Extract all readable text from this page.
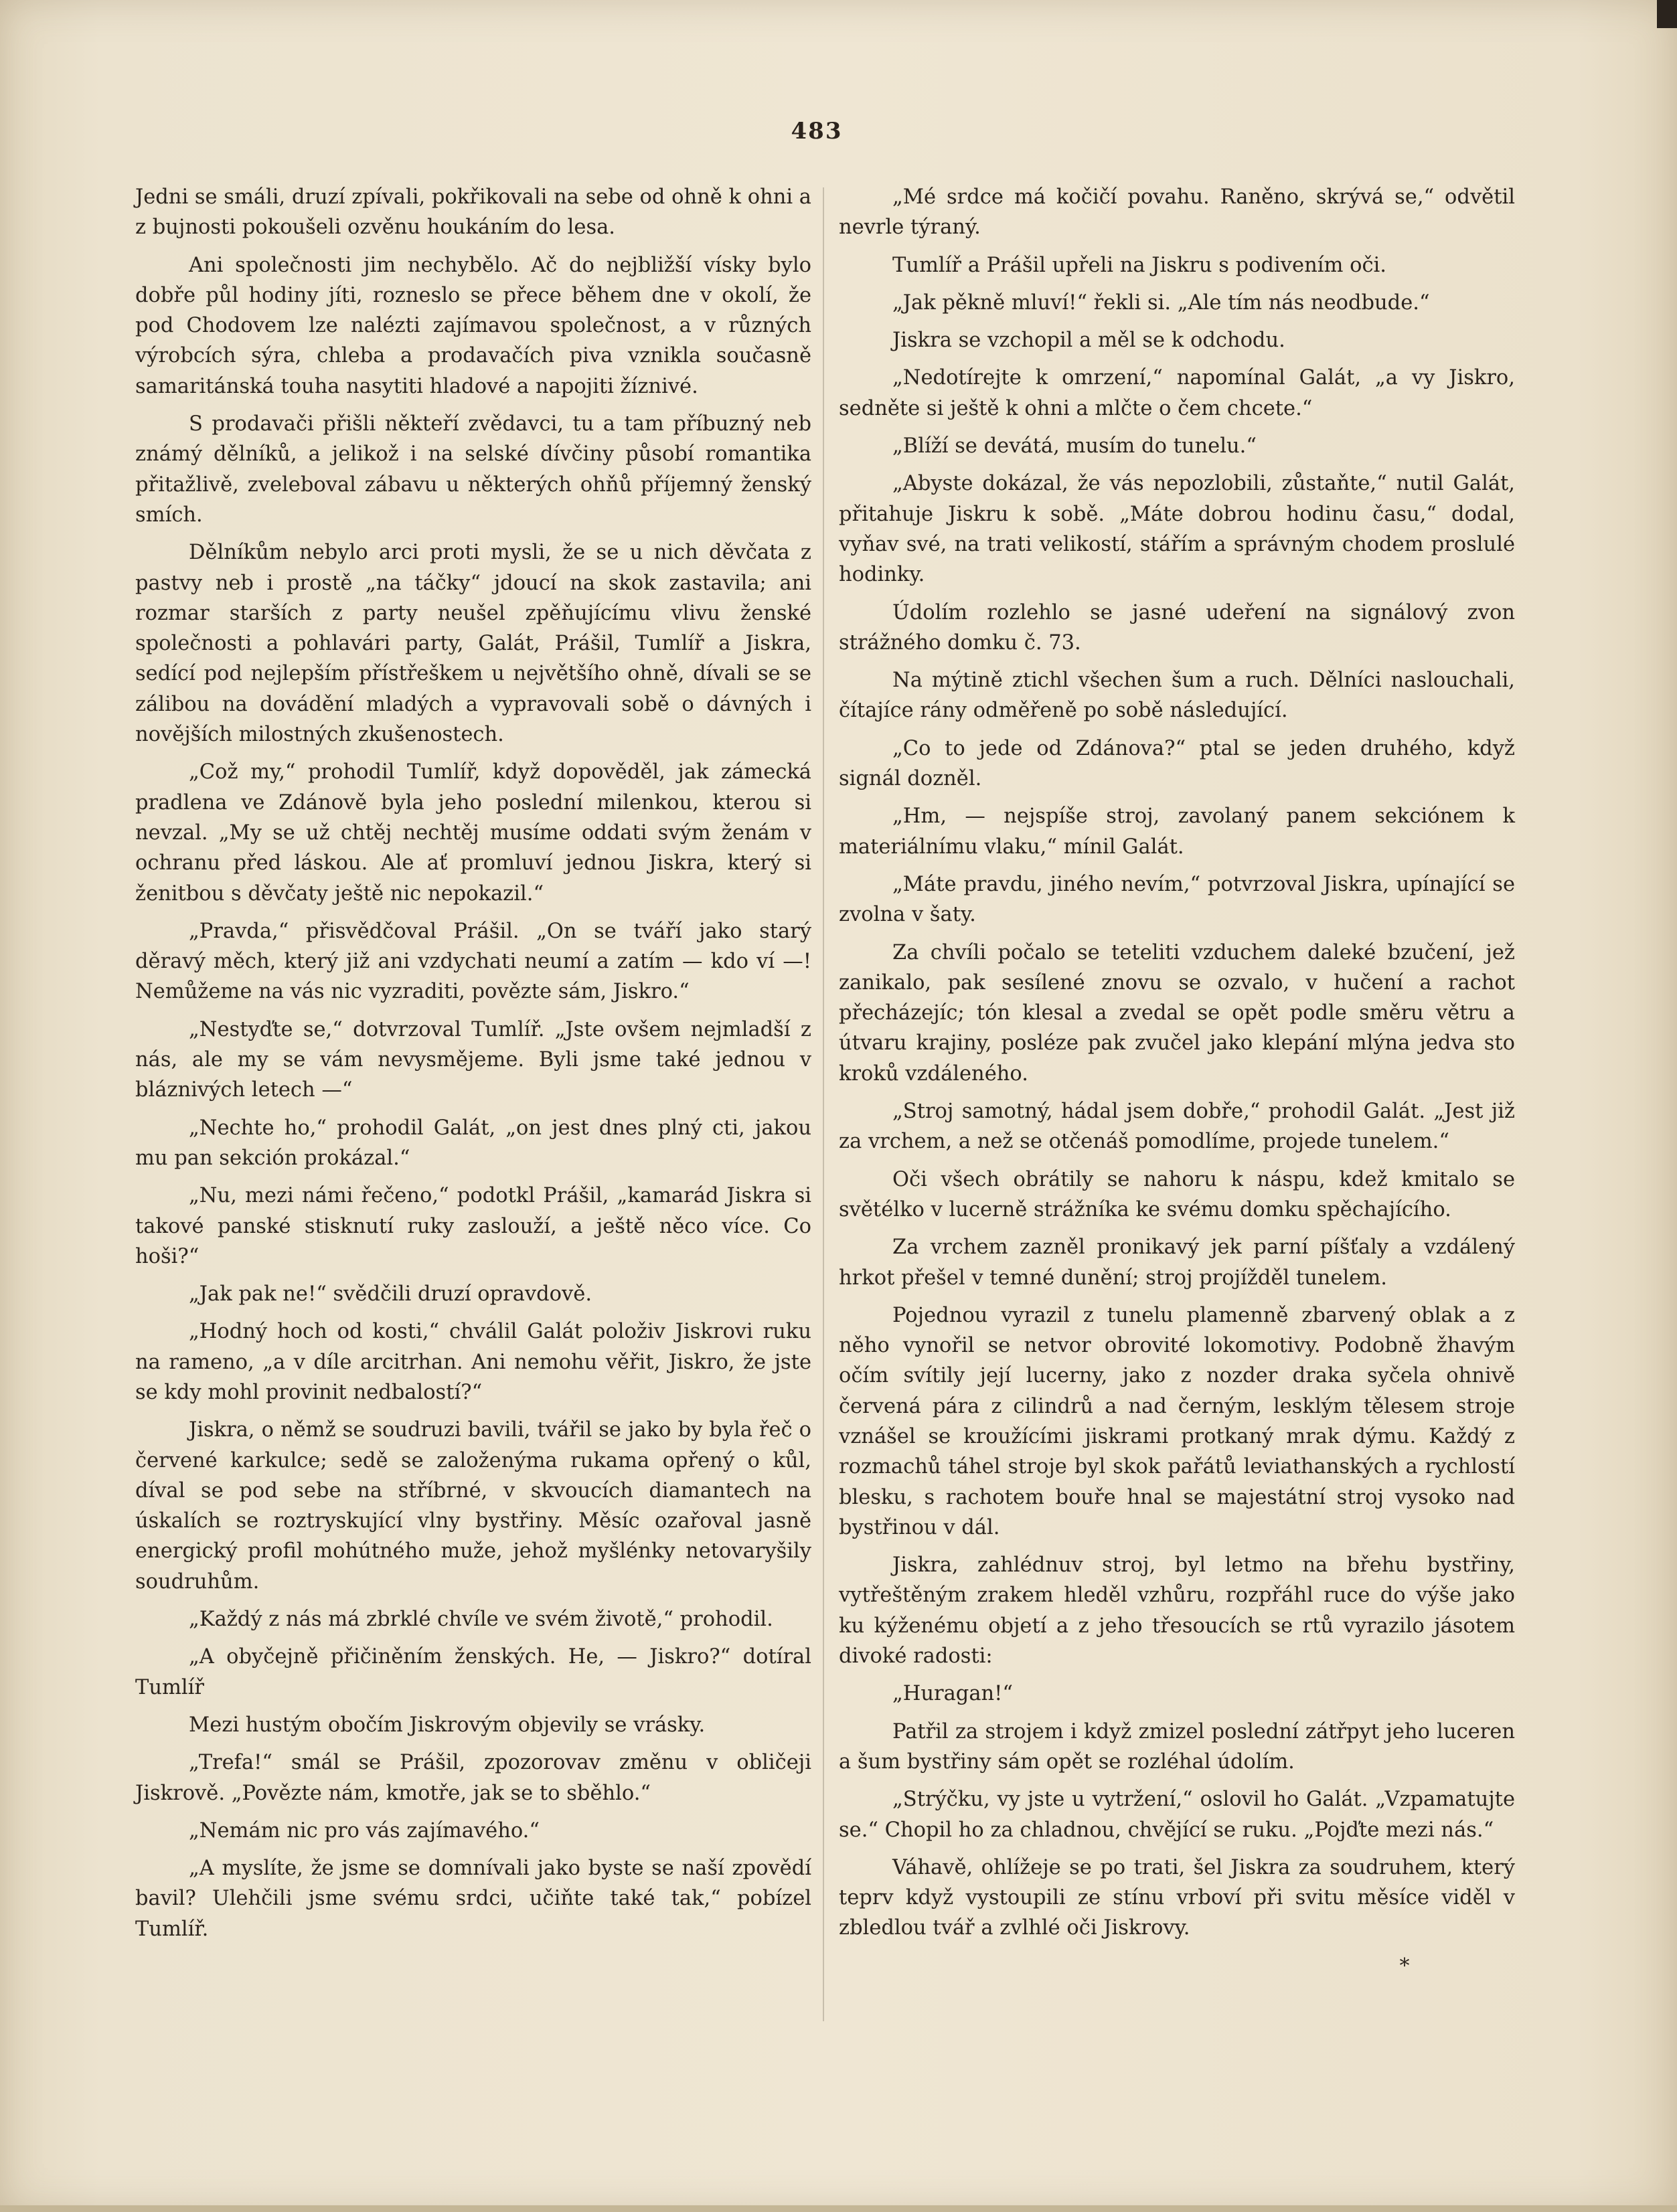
483

Jedni se smáli, druzí zpívali, pokřikovali na sebe od ohně k ohni a z bujnosti pokoušeli ozvěnu houkáním do lesa.

Ani společnosti jim nechybělo. Ač do nejbližší vísky bylo dobře půl hodiny jíti, rozneslo se přece během dne v okolí, že pod Chodovem lze nalézti zajímavou společnost, a v různých výrobcích sýra, chleba a prodavačích piva vznikla současně samaritánská touha nasytiti hladové a napojiti žíznivé.

S prodavači přišli někteří zvědavci, tu a tam příbuzný neb známý dělníků, a jelikož i na selské dívčiny působí romantika přitažlivě, zveleboval zábavu u některých ohňů příjemný ženský smích.

Dělníkům nebylo arci proti mysli, že se u nich děvčata z pastvy neb i prostě „na táčky“ jdoucí na skok zastavila; ani rozmar starších z party neušel zpěňujícímu vlivu ženské společnosti a pohlavári party, Galát, Prášil, Tumlíř a Jiskra, sedící pod nejlepším přístřeškem u největšího ohně, dívali se se zálibou na dovádění mladých a vypravovali sobě o dávných i novějších milostných zkušenostech.

„Což my,“ prohodil Tumlíř, když dopověděl, jak zámecká pradlena ve Zdánově byla jeho poslední milenkou, kterou si nevzal. „My se už chtěj nechtěj musíme oddati svým ženám v ochranu před láskou. Ale ať promluví jednou Jiskra, který si ženitbou s děvčaty ještě nic nepokazil.“

„Pravda,“ přisvědčoval Prášil. „On se tváří jako starý děravý měch, který již ani vzdychati neumí a zatím — kdo ví —! Nemůžeme na vás nic vyzraditi, povězte sám, Jiskro.“

„Nestyďte se,“ dotvrzoval Tumlíř. „Jste ovšem nejmladší z nás, ale my se vám nevysmějeme. Byli jsme také jednou v bláznivých letech —“

„Nechte ho,“ prohodil Galát, „on jest dnes plný cti, jakou mu pan sekción prokázal.“

„Nu, mezi námi řečeno,“ podotkl Prášil, „kamarád Jiskra si takové panské stisknutí ruky zaslouží, a ještě něco více. Co hoši?“

„Jak pak ne!“ svědčili druzí opravdově.

„Hodný hoch od kosti,“ chválil Galát položiv Jiskrovi ruku na rameno, „a v díle arcitrhan. Ani nemohu věřit, Jiskro, že jste se kdy mohl provinit nedbalostí?“

Jiskra, o němž se soudruzi bavili, tvářil se jako by byla řeč o červené karkulce; sedě se založenýma rukama opřený o kůl, díval se pod sebe na stříbrné, v skvoucích diamantech na úskalích se roztryskující vlny bystřiny. Měsíc ozařoval jasně energický profil mohútného muže, jehož myšlénky netovaryšily soudruhům.

„Každý z nás má zbrklé chvíle ve svém životě,“ prohodil.

„A obyčejně přičiněním ženských. He, — Jiskro?“ dotíral Tumlíř

Mezi hustým obočím Jiskrovým objevily se vrásky.

„Trefa!“ smál se Prášil, zpozorovav změnu v obličeji Jiskrově. „Povězte nám, kmotře, jak se to sběhlo.“

„Nemám nic pro vás zajímavého.“

„A myslíte, že jsme se domnívali jako byste se naší zpovědí bavil? Ulehčili jsme svému srdci, učiňte také tak,“ pobízel Tumlíř.

„Mé srdce má kočičí povahu. Raněno, skrývá se,“ odvětil nevrle týraný.

Tumlíř a Prášil upřeli na Jiskru s podivením oči.

„Jak pěkně mluví!“ řekli si. „Ale tím nás neodbude.“

Jiskra se vzchopil a měl se k odchodu.

„Nedotírejte k omrzení,“ napomínal Galát, „a vy Jiskro, sedněte si ještě k ohni a mlčte o čem chcete.“

„Blíží se devátá, musím do tunelu.“

„Abyste dokázal, že vás nepozlobili, zůstaňte,“ nutil Galát, přitahuje Jiskru k sobě. „Máte dobrou hodinu času,“ dodal, vyňav své, na trati velikostí, stářím a správným chodem proslulé hodinky.

Údolím rozlehlo se jasné udeření na signálový zvon strážného domku č. 73.

Na mýtině ztichl všechen šum a ruch. Dělníci naslouchali, čítajíce rány odměřeně po sobě následující.

„Co to jede od Zdánova?“ ptal se jeden druhého, když signál dozněl.

„Hm, — nejspíše stroj, zavolaný panem sekciónem k materiálnímu vlaku,“ mínil Galát.

„Máte pravdu, jiného nevím,“ potvrzoval Jiskra, upínající se zvolna v šaty.

Za chvíli počalo se teteliti vzduchem daleké bzučení, jež zanikalo, pak sesílené znovu se ozvalo, v hučení a rachot přecházejíc; tón klesal a zvedal se opět podle směru větru a útvaru krajiny, posléze pak zvučel jako klepání mlýna jedva sto kroků vzdáleného.

„Stroj samotný, hádal jsem dobře,“ prohodil Galát. „Jest již za vrchem, a než se otčenáš pomodlíme, projede tunelem.“

Oči všech obrátily se nahoru k náspu, kdež kmitalo se světélko v lucerně strážníka ke svému domku spěchajícího.

Za vrchem zazněl pronikavý jek parní píšťaly a vzdálený hrkot přešel v temné dunění; stroj projížděl tunelem.

Pojednou vyrazil z tunelu plamenně zbarvený oblak a z něho vynořil se netvor obrovité lokomotivy. Podobně žhavým očím svítily její lucerny, jako z nozder draka syčela ohnivě červená pára z cilindrů a nad černým, lesklým tělesem stroje vznášel se kroužícími jiskrami protkaný mrak dýmu. Každý z rozmachů táhel stroje byl skok pařátů leviathanských a rychlostí blesku, s rachotem bouře hnal se majestátní stroj vysoko nad bystřinou v dál.

Jiskra, zahlédnuv stroj, byl letmo na břehu bystřiny, vytřeštěným zrakem hleděl vzhůru, rozpřáhl ruce do výše jako ku kýženému objetí a z jeho třesoucích se rtů vyrazilo jásotem divoké radosti:

„Huragan!“

Patřil za strojem i když zmizel poslední zátřpyt jeho luceren a šum bystřiny sám opět se rozléhal údolím.

„Strýčku, vy jste u vytržení,“ oslovil ho Galát. „Vzpamatujte se.“ Chopil ho za chladnou, chvějící se ruku. „Pojďte mezi nás.“

Váhavě, ohlížeje se po trati, šel Jiskra za soudruhem, který teprv když vystoupili ze stínu vrboví při svitu měsíce viděl v zbledlou tvář a zvlhlé oči Jiskrovy.

*
